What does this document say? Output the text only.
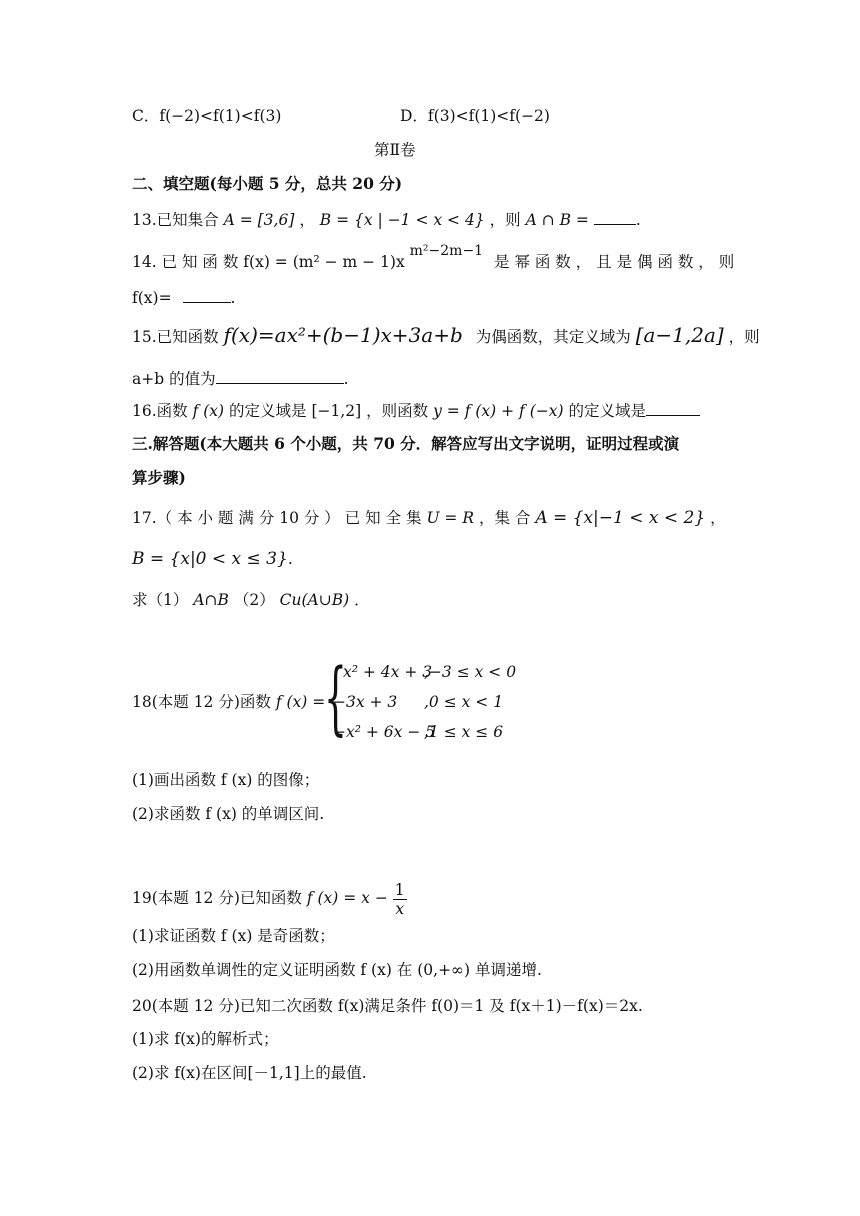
C．f(−2)<f(1)<f(3)	D．f(3)<f(1)<f(−2)
第Ⅱ卷
二、填空题(每小题 5 分，总共 20 分)
13.已知集合 A = [3,6] ， B = {x | −1 < x < 4} ，则 A ∩ B =	.
14. 已 知 函 数 f(x) = (m² − m − 1)x m²−2m−1 是 幂 函 数 ， 且 是 偶 函 数 ， 则
f(x)=	.
15.已知函数 f(x)=ax²+(b−1)x+3a+b 为偶函数，其定义域为 [a−1,2a] ，则
a+b 的值为	.
16.函数 f (x) 的定义域是 [−1,2] ，则函数 y = f (x) + f (−x) 的定义域是
三.解答题(本大题共 6 个小题，共 70 分．解答应写出文字说明，证明过程或演
算步骤)
17.（ 本 小 题 满 分 10 分 ） 已 知 全 集 U = R ，集 合 A = {x|−1 < x < 2} ，
B = {x|0 < x ≤ 3}.
求（1） A∩B （2） Cu(A∪B) ．
18(本题 12 分)函数 f (x) =
{
x² + 4x + 3
,−3 ≤ x < 0
−3x + 3 ,0 ≤ x < 1
−x² + 6x − 5
,1 ≤ x ≤ 6
(1)画出函数 f (x) 的图像；
(2)求函数 f (x) 的单调区间.
19(本题 12 分)已知函数 f $(x) = x - \frac{1}{x}$
(1)求证函数 f (x) 是奇函数；
(2)用函数单调性的定义证明函数 f (x) 在 (0,+∞) 单调递增.
20(本题 12 分)已知二次函数 f(x)满足条件 f(0)＝1 及 f(x＋1)－f(x)＝2x.
(1)求 f(x)的解析式；
(2)求 f(x)在区间[－1,1]上的最值.
